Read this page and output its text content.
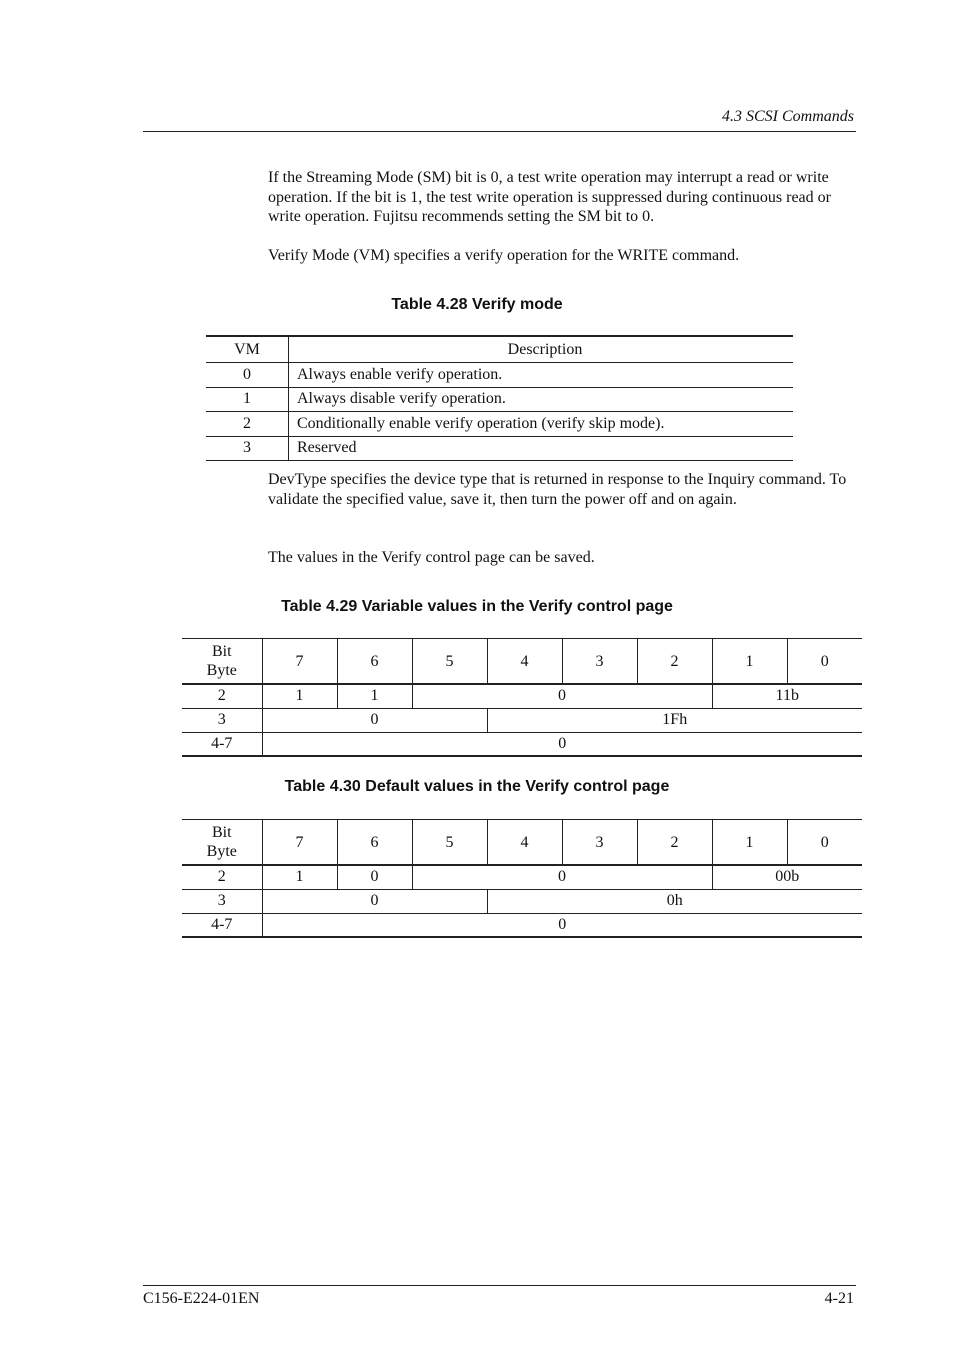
4.3 SCSI Commands

If the Streaming Mode (SM) bit is 0, a test write operation may interrupt a read or write operation. If the bit is 1, the test write operation is suppressed during continuous read or write operation. Fujitsu recommends setting the SM bit to 0.

Verify Mode (VM) specifies a verify operation for the WRITE command.

Table 4.28 Verify mode
VM	Description
0	Always enable verify operation.
1	Always disable verify operation.
2	Conditionally enable verify operation (verify skip mode).
3	Reserved

DevType specifies the device type that is returned in response to the Inquiry command. To validate the specified value, save it, then turn the power off and on again.

The values in the Verify control page can be saved.

Table 4.29 Variable values in the Verify control page
Bit
Byte	7	6	5	4	3	2	1	0
2	1	1	0				11b	
3	0			1Fh				
4-7	0							
Table 4.30 Default values in the Verify control page
Bit
Byte	7	6	5	4	3	2	1	0
2	1	0	0				00b	
3	0			0h				
4-7	0							
C156-E224-01EN	4-21
